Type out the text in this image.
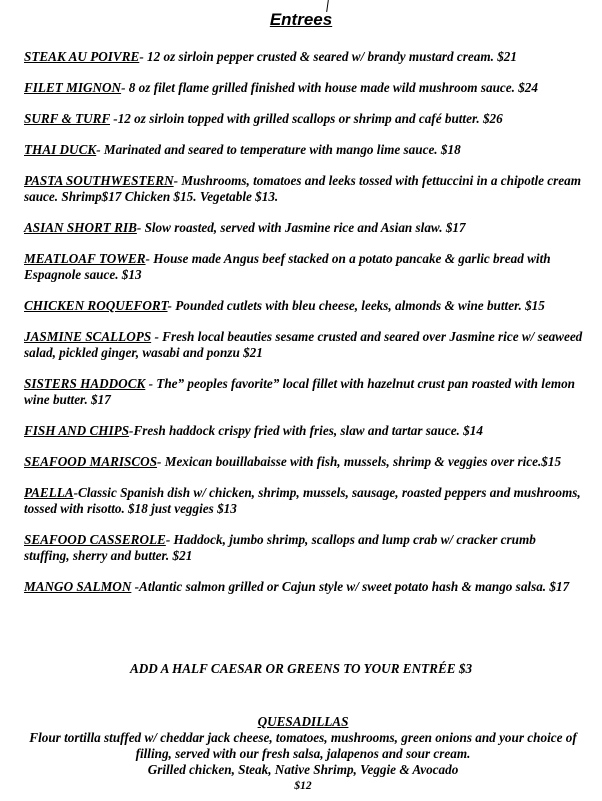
Entrees
STEAK AU POIVRE- 12 oz sirloin pepper crusted & seared w/ brandy mustard cream. $21
FILET MIGNON- 8 oz filet flame grilled finished with house made wild mushroom sauce. $24
SURF & TURF -12 oz sirloin topped with grilled scallops or shrimp and café butter. $26
THAI DUCK- Marinated and seared to temperature with mango lime sauce. $18
PASTA SOUTHWESTERN- Mushrooms, tomatoes and leeks tossed with fettuccini in a chipotle cream sauce. Shrimp$17 Chicken $15. Vegetable $13.
ASIAN SHORT RIB- Slow roasted, served with Jasmine rice and Asian slaw. $17
MEATLOAF TOWER- House made Angus beef stacked on a potato pancake & garlic bread with Espagnole sauce. $13
CHICKEN ROQUEFORT- Pounded cutlets with bleu cheese, leeks, almonds & wine butter. $15
JASMINE SCALLOPS - Fresh local beauties sesame crusted and seared over Jasmine rice w/ seaweed salad, pickled ginger, wasabi and ponzu $21
SISTERS HADDOCK - The” peoples favorite” local fillet with hazelnut crust pan roasted with lemon wine butter. $17
FISH AND CHIPS-Fresh haddock crispy fried with fries, slaw and tartar sauce. $14
SEAFOOD MARISCOS- Mexican bouillabaisse with fish, mussels, shrimp & veggies over rice.$15
PAELLA-Classic Spanish dish w/ chicken, shrimp, mussels, sausage, roasted peppers and mushrooms, tossed with risotto. $18 just veggies $13
SEAFOOD CASSEROLE- Haddock, jumbo shrimp, scallops and lump crab w/ cracker crumb stuffing, sherry and butter. $21
MANGO SALMON -Atlantic salmon grilled or Cajun style w/ sweet potato hash & mango salsa. $17
ADD A HALF CAESAR OR GREENS TO YOUR ENTRÉE $3
QUESADILLAS
Flour tortilla stuffed w/ cheddar jack cheese, tomatoes, mushrooms, green onions and your choice of filling, served with our fresh salsa, jalapenos and sour cream.
Grilled chicken, Steak, Native Shrimp, Veggie & Avocado
$12
